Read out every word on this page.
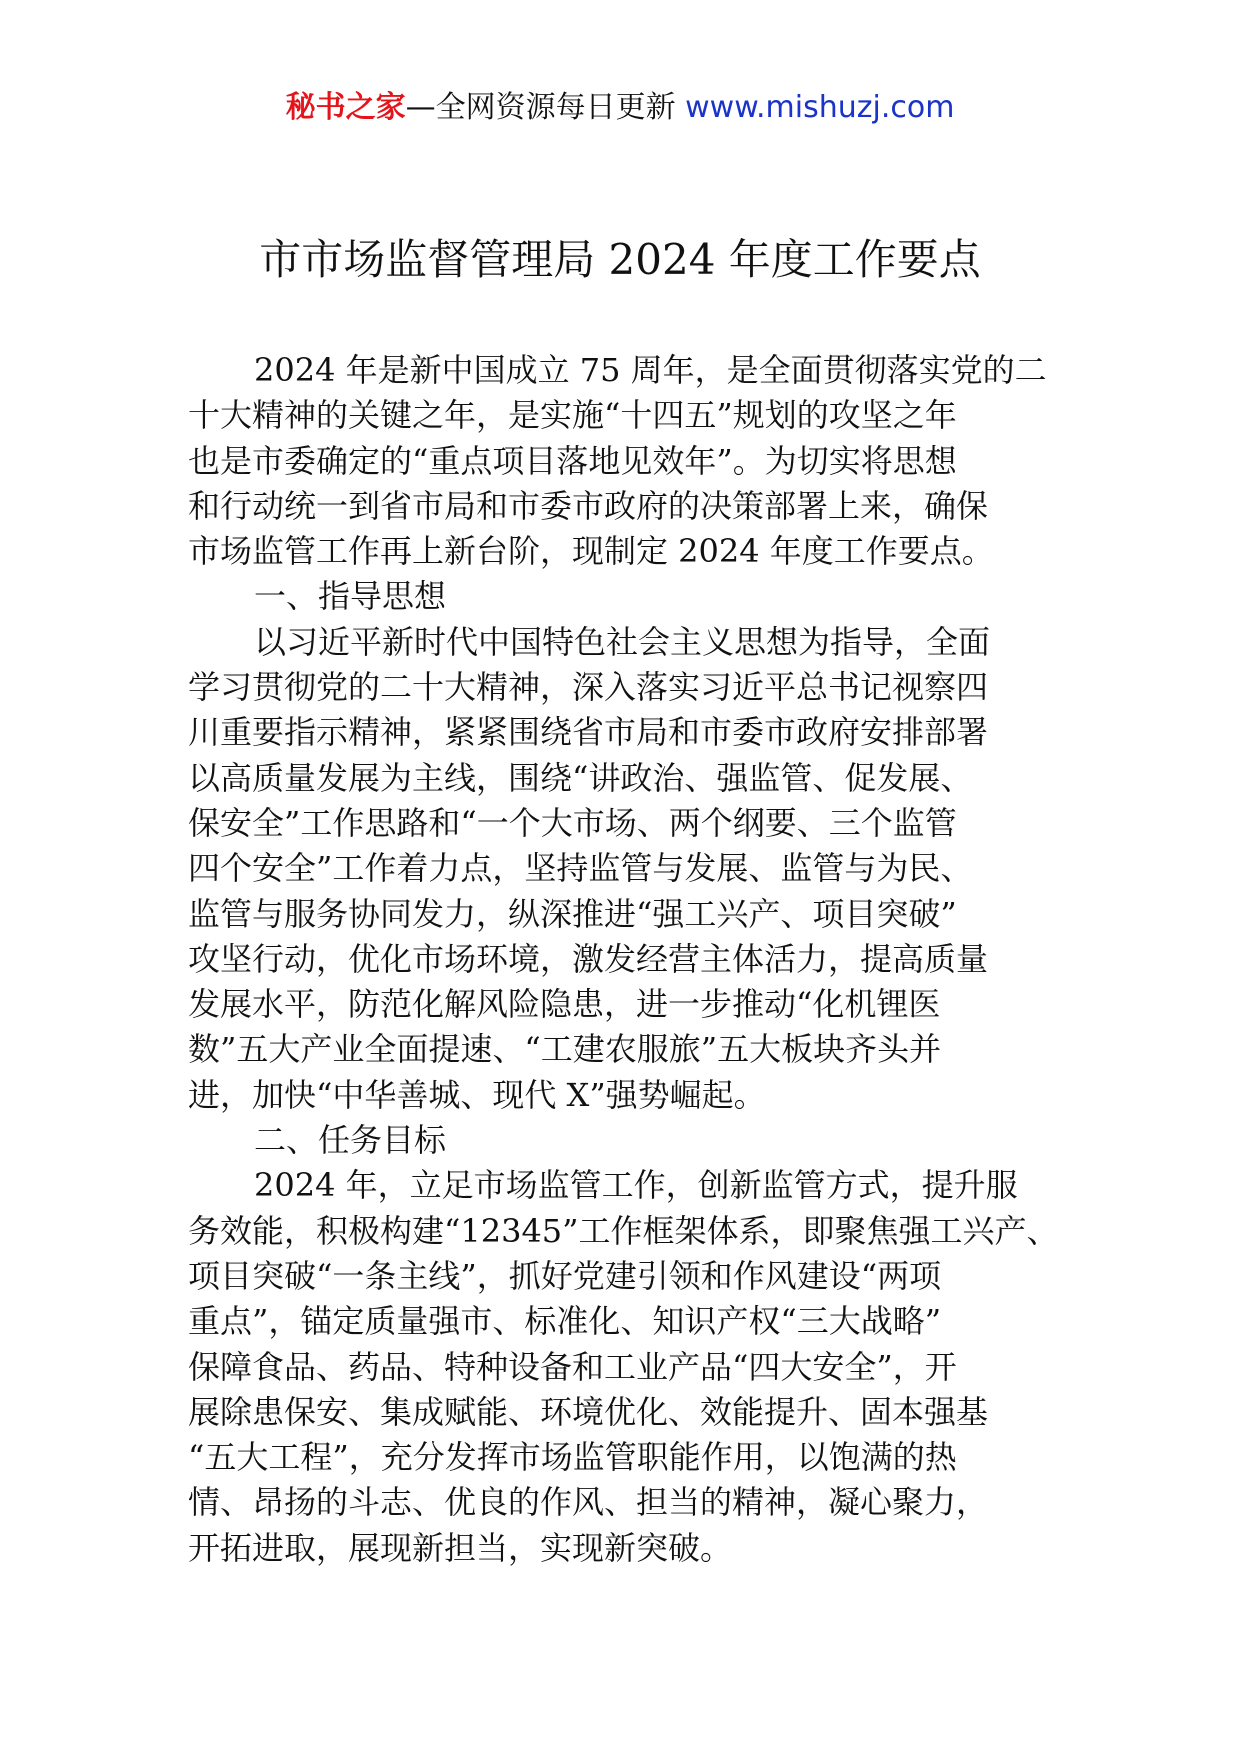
秘书之家—全网资源每日更新 www.mishuzj.com
市市场监督管理局 2024 年度工作要点
2024 年是新中国成立 75 周年，是全面贯彻落实党的二
十大精神的关键之年，是实施“十四五”规划的攻坚之年
也是市委确定的“重点项目落地见效年”。为切实将思想
和行动统一到省市局和市委市政府的决策部署上来，确保
市场监管工作再上新台阶，现制定 2024 年度工作要点。
一、指导思想
以习近平新时代中国特色社会主义思想为指导，全面
学习贯彻党的二十大精神，深入落实习近平总书记视察四
川重要指示精神，紧紧围绕省市局和市委市政府安排部署
以高质量发展为主线，围绕“讲政治、强监管、促发展、
保安全”工作思路和“一个大市场、两个纲要、三个监管
四个安全”工作着力点，坚持监管与发展、监管与为民、
监管与服务协同发力，纵深推进“强工兴产、项目突破”
攻坚行动，优化市场环境，激发经营主体活力，提高质量
发展水平，防范化解风险隐患，进一步推动“化机锂医
数”五大产业全面提速、“工建农服旅”五大板块齐头并
进，加快“中华善城、现代 X”强势崛起。
二、任务目标
2024 年，立足市场监管工作，创新监管方式，提升服
务效能，积极构建“12345”工作框架体系，即聚焦强工兴产、
项目突破“一条主线”，抓好党建引领和作风建设“两项
重点”，锚定质量强市、标准化、知识产权“三大战略”
保障食品、药品、特种设备和工业产品“四大安全”，开
展除患保安、集成赋能、环境优化、效能提升、固本强基
“五大工程”，充分发挥市场监管职能作用，以饱满的热
情、昂扬的斗志、优良的作风、担当的精神，凝心聚力，
开拓进取，展现新担当，实现新突破。
